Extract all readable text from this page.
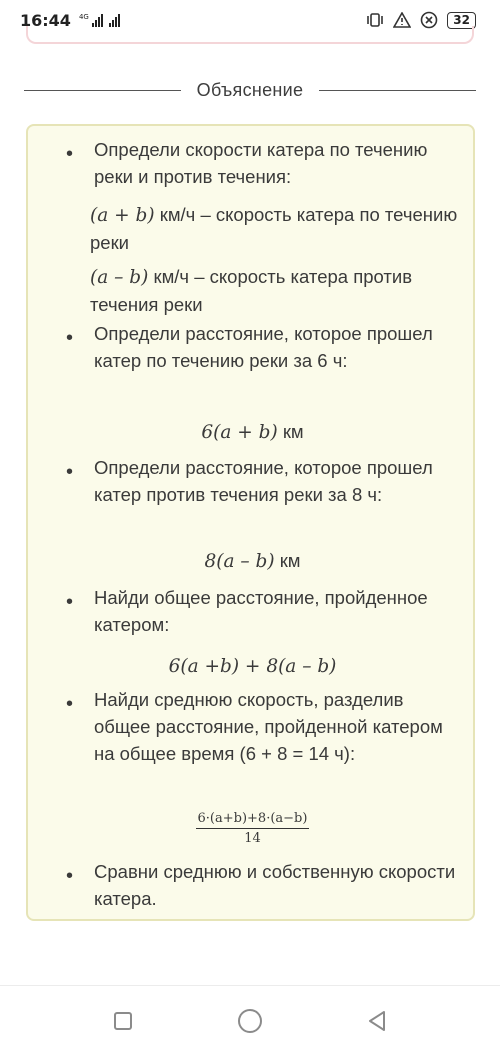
16:44 4G	32
Объяснение
• Определи скорости катера по течению реки и против течения:
(a + b) км/ч – скорость катера по течению реки
(a – b) км/ч – скорость катера против течения реки
• Определи расстояние, которое прошел катер по течению реки за 6 ч:
6(a + b) км
• Определи расстояние, которое прошел катер против течения реки за 8 ч:
8(a – b) км
• Найди общее расстояние, пройденное катером:
6(a +b) + 8(a – b)
• Найди среднюю скорость, разделив общее расстояние, пройденной катером на общее время (6 + 8 = 14 ч):
$\frac{6\cdot(a+b)+8\cdot(a-b)}{14}$
• Сравни среднюю и собственную скорости катера.
